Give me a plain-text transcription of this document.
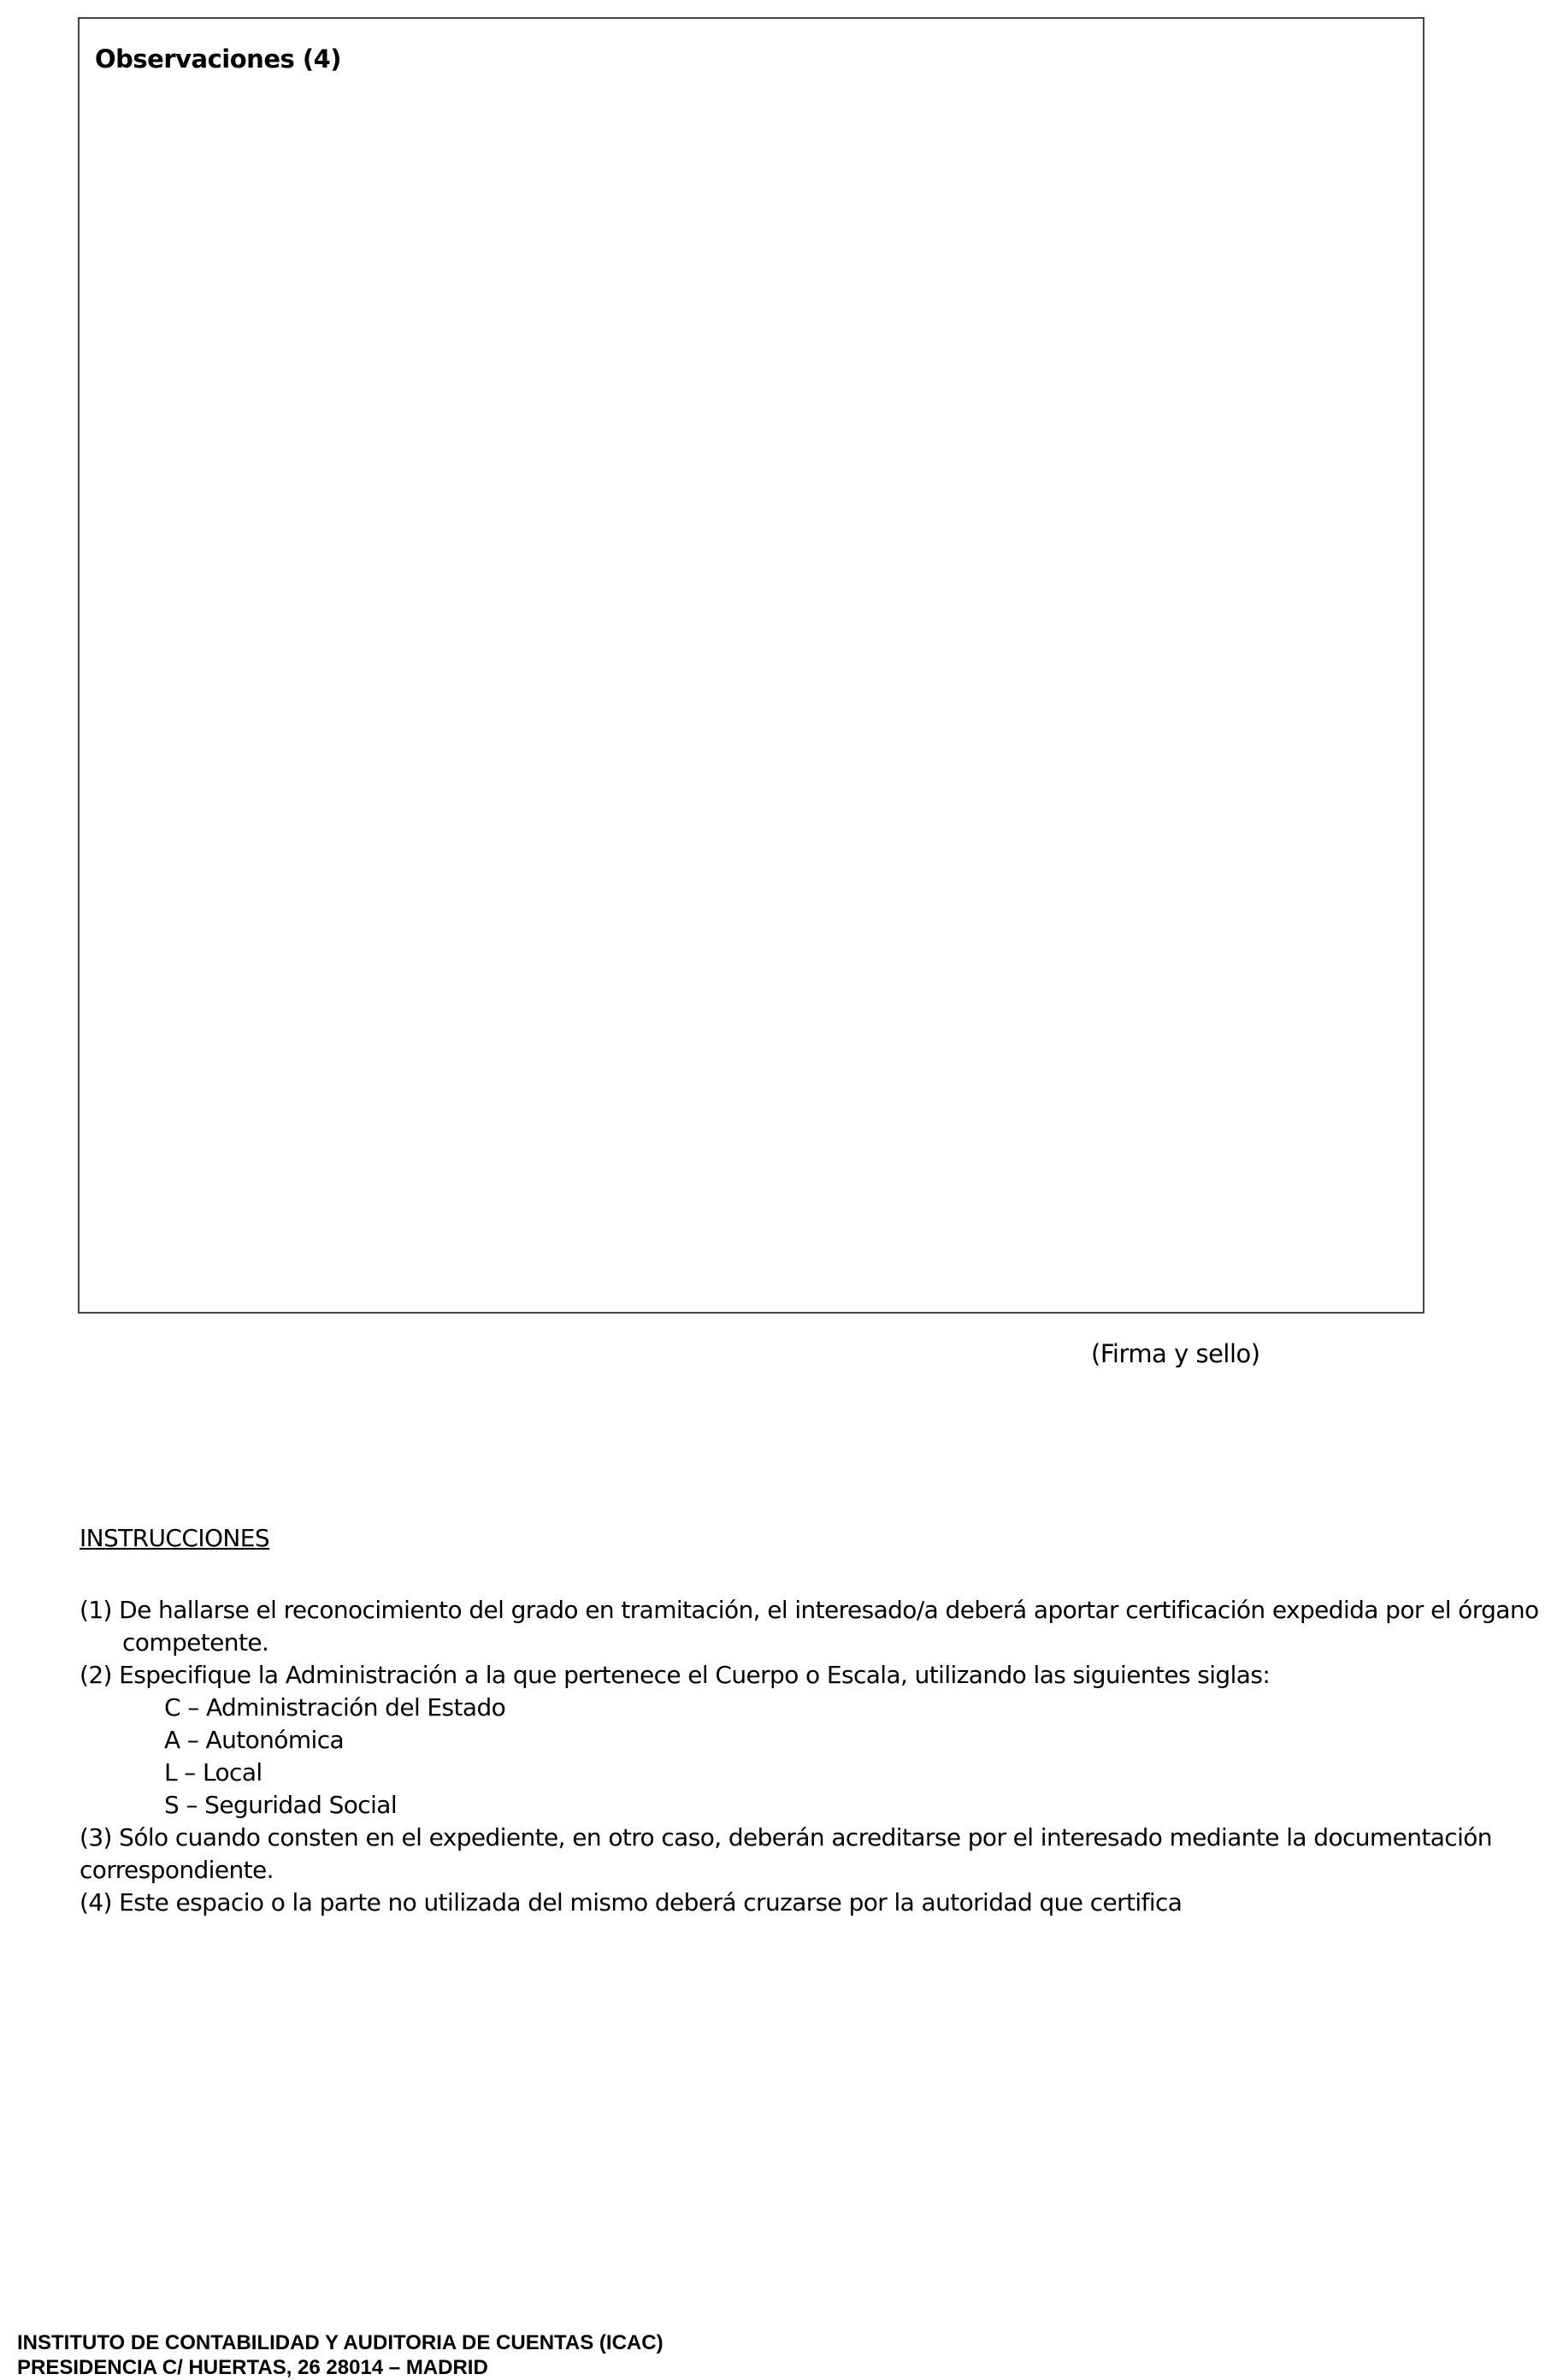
Observaciones (4)
(Firma y sello)
INSTRUCCIONES
(1) De hallarse el reconocimiento del grado en tramitación, el interesado/a deberá aportar certificación expedida por el órgano
competente.
(2) Especifique la Administración a la que pertenece el Cuerpo o Escala, utilizando las siguientes siglas:
C – Administración del Estado
A – Autonómica
L – Local
S – Seguridad Social
(3) Sólo cuando consten en el expediente, en otro caso, deberán acreditarse por el interesado mediante la documentación
correspondiente.
(4) Este espacio o la parte no utilizada del mismo deberá cruzarse por la autoridad que certifica
INSTITUTO DE CONTABILIDAD Y AUDITORIA DE CUENTAS (ICAC)
PRESIDENCIA C/ HUERTAS, 26 28014 – MADRID
